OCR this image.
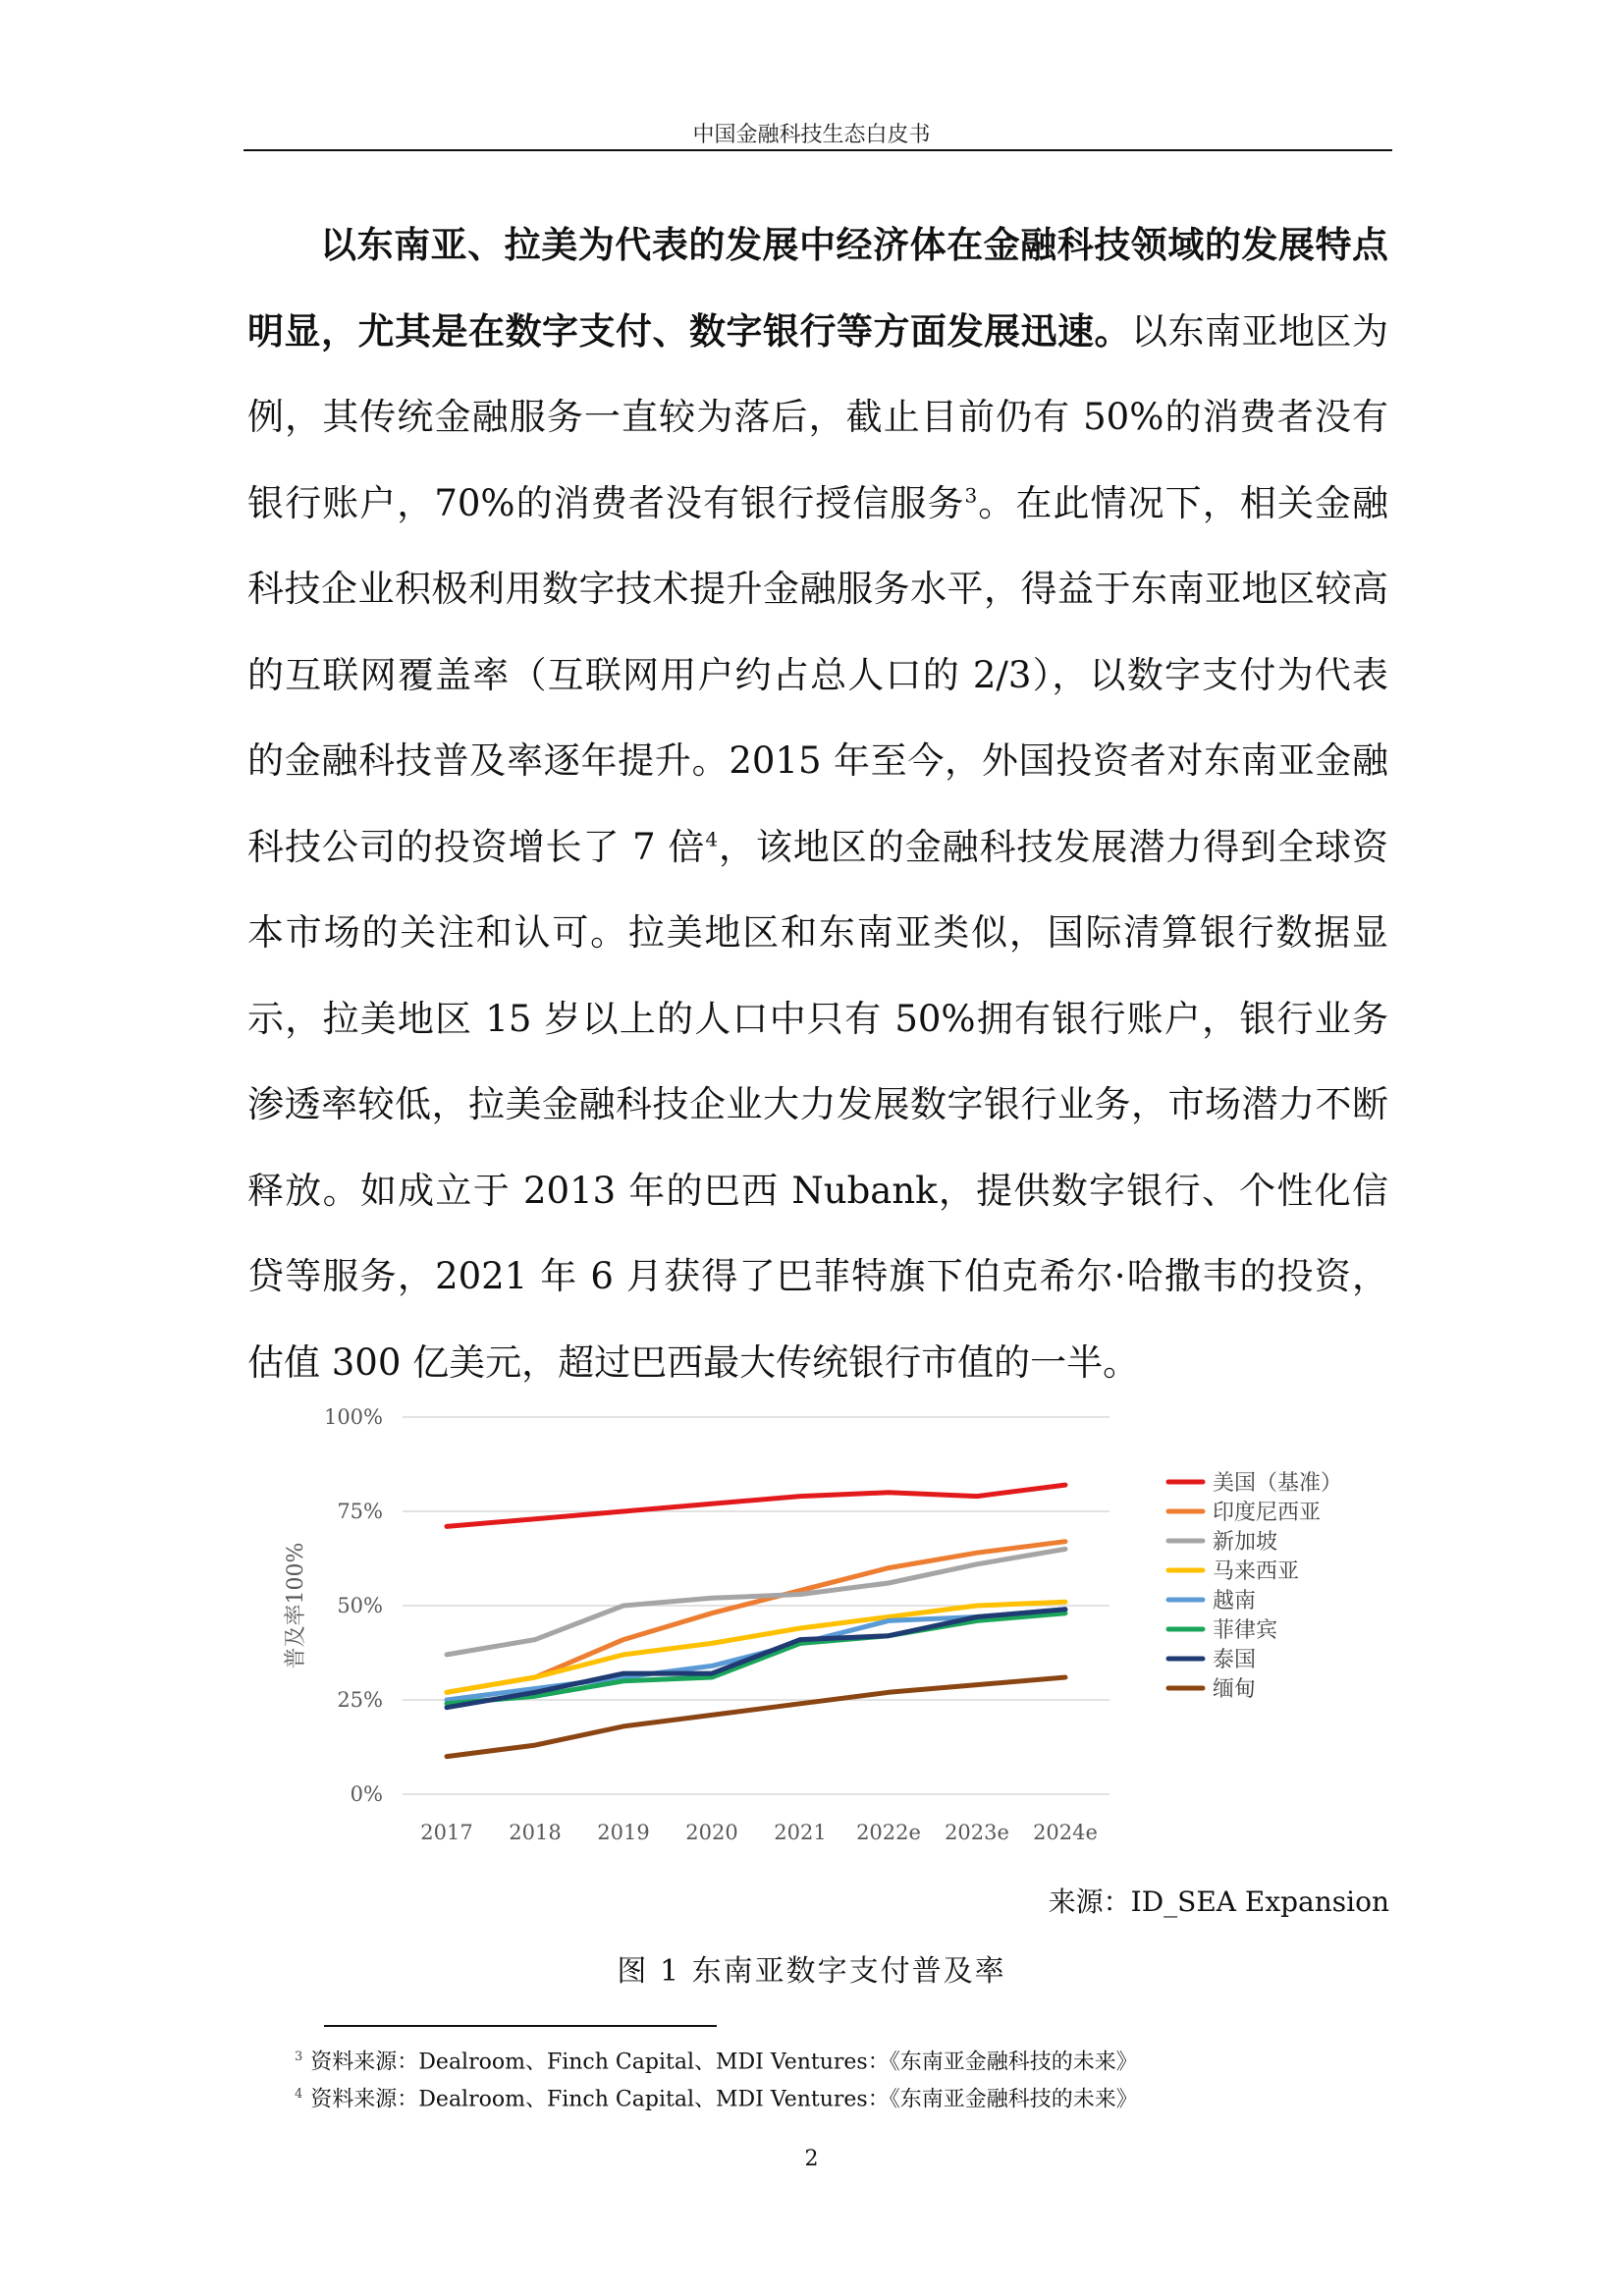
中国金融科技生态白皮书

以东南亚、拉美为代表的发展中经济体在金融科技领域的发展特点明显，尤其是在数字支付、数字银行等方面发展迅速。以东南亚地区为例，其传统金融服务一直较为落后，截止目前仍有 50%的消费者没有银行账户，70%的消费者没有银行授信服务$^3$。在此情况下，相关金融科技企业积极利用数字技术提升金融服务水平，得益于东南亚地区较高的互联网覆盖率（互联网用户约占总人口的 2/3），以数字支付为代表的金融科技普及率逐年提升。2015 年至今，外国投资者对东南亚金融科技公司的投资增长了 7 倍$^4$，该地区的金融科技发展潜力得到全球资本市场的关注和认可。拉美地区和东南亚类似，国际清算银行数据显示，拉美地区 15 岁以上的人口中只有 50%拥有银行账户，银行业务渗透率较低，拉美金融科技企业大力发展数字银行业务，市场潜力不断释放。如成立于 2013 年的巴西 Nubank，提供数字银行、个性化信贷等服务，2021 年 6 月获得了巴菲特旗下伯克希尔·哈撒韦的投资，估值 300 亿美元，超过巴西最大传统银行市值的一半。

0%
25%
50%
75%
100%
2017 2018 2019 2020 2021 2022e 2023e 2024e
普及率100%
美国（基准）
印度尼西亚
新加坡
马来西亚
越南
菲律宾
泰国
缅甸
来源：ID_SEA Expansion
图 1 东南亚数字支付普及率
$^3$ 资料来源：Dealroom、Finch Capital、MDI Ventures：《东南亚金融科技的未来》
$^4$ 资料来源：Dealroom、Finch Capital、MDI Ventures：《东南亚金融科技的未来》
2
